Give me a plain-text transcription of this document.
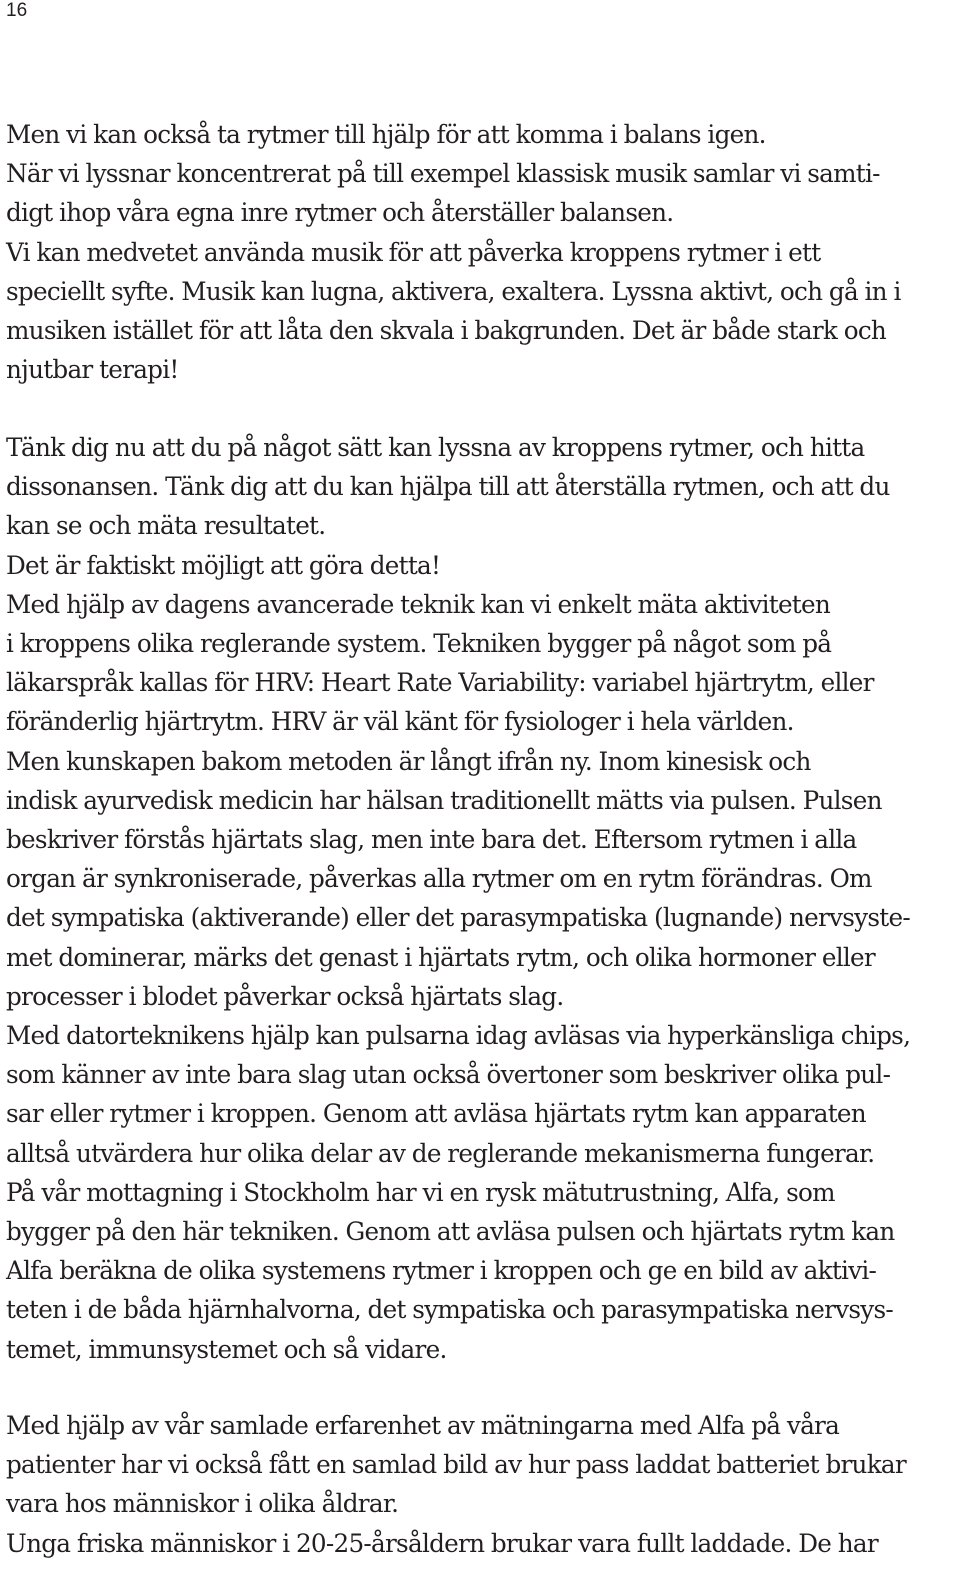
16
Men vi kan också ta rytmer till hjälp för att komma i balans igen. När vi lyssnar koncentrerat på till exempel klassisk musik samlar vi samti- digt ihop våra egna inre rytmer och återställer balansen. Vi kan medvetet använda musik för att påverka kroppens rytmer i ett speciellt syfte. Musik kan lugna, aktivera, exaltera. Lyssna aktivt, och gå in i musiken istället för att låta den skvala i bakgrunden. Det är både stark och njutbar terapi!
Tänk dig nu att du på något sätt kan lyssna av kroppens rytmer, och hitta dissonansen. Tänk dig att du kan hjälpa till att återställa rytmen, och att du kan se och mäta resultatet. Det är faktiskt möjligt att göra detta! Med hjälp av dagens avancerade teknik kan vi enkelt mäta aktiviteten i kroppens olika reglerande system. Tekniken bygger på något som på läkarspråk kallas för HRV: Heart Rate Variability: variabel hjärtrytm, eller föränderlig hjärtrytm. HRV är väl känt för fysiologer i hela världen. Men kunskapen bakom metoden är långt ifrån ny. Inom kinesisk och indisk ayurvedisk medicin har hälsan traditionellt mätts via pulsen. Pulsen beskriver förstås hjärtats slag, men inte bara det. Eftersom rytmen i alla organ är synkroniserade, påverkas alla rytmer om en rytm förändras. Om det sympatiska (aktiverande) eller det parasympatiska (lugnande) nervsyste- met dominerar, märks det genast i hjärtats rytm, och olika hormoner eller processer i blodet påverkar också hjärtats slag. Med datorteknikens hjälp kan pulsarna idag avläsas via hyperkänsliga chips, som känner av inte bara slag utan också övertoner som beskriver olika pul- sar eller rytmer i kroppen. Genom att avläsa hjärtats rytm kan apparaten alltså utvärdera hur olika delar av de reglerande mekanismerna fungerar. På vår mottagning i Stockholm har vi en rysk mätutrustning, Alfa, som bygger på den här tekniken. Genom att avläsa pulsen och hjärtats rytm kan Alfa beräkna de olika systemens rytmer i kroppen och ge en bild av aktivi- teten i de båda hjärnhalvorna, det sympatiska och parasympatiska nervsys- temet, immunsystemet och så vidare.
Med hjälp av vår samlade erfarenhet av mätningarna med Alfa på våra patienter har vi också fått en samlad bild av hur pass laddat batteriet brukar vara hos människor i olika åldrar. Unga friska människor i 20-25-årsåldern brukar vara fullt laddade. De har
